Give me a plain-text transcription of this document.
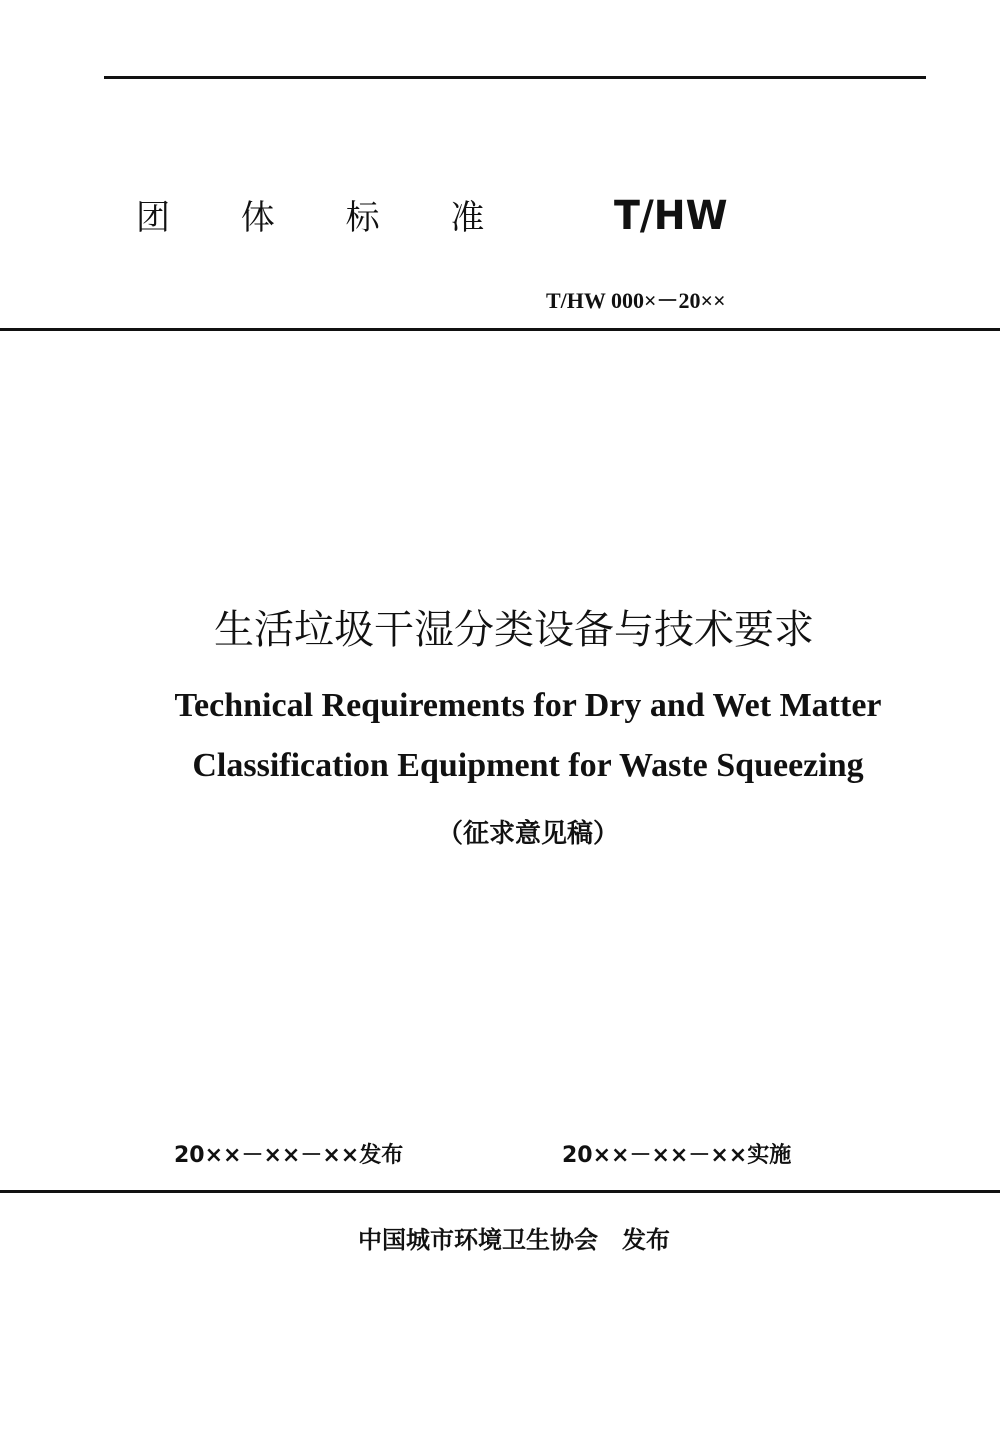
团 体 标 准 T/HW
T/HW 000×－20××
生活垃圾干湿分类设备与技术要求
Technical Requirements for Dry and Wet Matter
Classification Equipment for Waste Squeezing
（征求意见稿）
20××－××－××发布	20××－××－××实施
中国城市环境卫生协会　发布
